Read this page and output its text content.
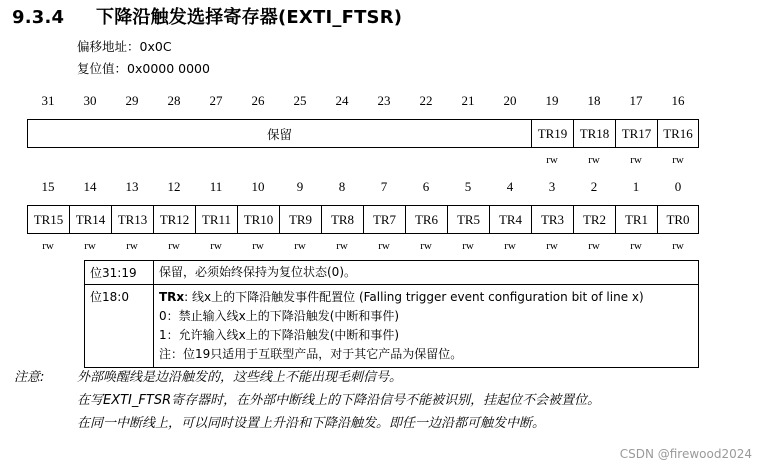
9.3.4 下降沿触发选择寄存器(EXTI_FTSR)
偏移地址：0x0C
复位值：0x0000 0000
31	30	29	28	27	26	25	24	23	22	21	20	19	18	17	16
保留	TR19 TR18 TR17 TR16
rw	rw	rw	rw
15	14	13	12	11	10	9	8	7	6	5	4	3	2	1	0
TR15 TR14 TR13 TR12 TR11 TR10	TR9	TR8	TR7	TR6	TR5	TR4	TR3	TR2	TR1	TR0
rw	rw	rw	rw	rw	rw	rw	rw	rw	rw	rw	rw	rw	rw	rw	rw
位31:19	保留，必须始终保持为复位状态(0)。

位18:0	TRx: 线x上的下降沿触发事件配置位 (Falling trigger event configuration bit of line x)
0：禁止输入线x上的下降沿触发(中断和事件)
1：允许输入线x上的下降沿触发(中断和事件)
注：位19只适用于互联型产品，对于其它产品为保留位。
注意:	外部唤醒线是边沿触发的，这些线上不能出现毛刺信号。
在写EXTI_FTSR寄存器时，在外部中断线上的下降沿信号不能被识别，挂起位不会被置位。
在同一中断线上，可以同时设置上升沿和下降沿触发。即任一边沿都可触发中断。
CSDN @firewood2024
